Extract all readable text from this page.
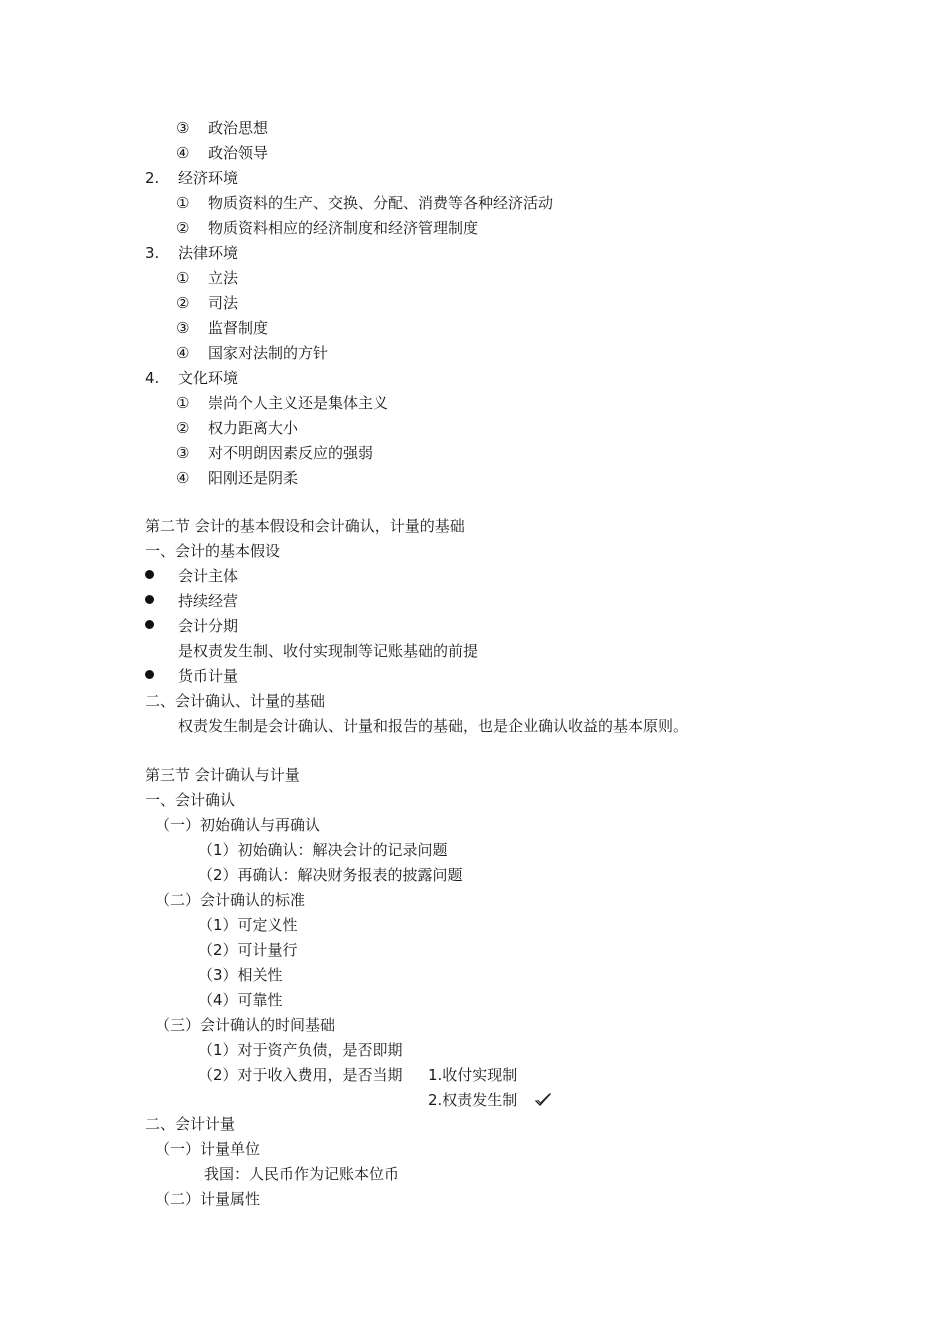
③ 政治思想
④ 政治领导
2. 经济环境
① 物质资料的生产、交换、分配、消费等各种经济活动
② 物质资料相应的经济制度和经济管理制度
3. 法律环境
① 立法
② 司法
③ 监督制度
④ 国家对法制的方针
4. 文化环境
① 崇尚个人主义还是集体主义
② 权力距离大小
③ 对不明朗因素反应的强弱
④ 阳刚还是阴柔
第二节 会计的基本假设和会计确认，计量的基础
一、会计的基本假设
会计主体
持续经营
会计分期
是权责发生制、收付实现制等记账基础的前提
货币计量
二、会计确认、计量的基础
权责发生制是会计确认、计量和报告的基础，也是企业确认收益的基本原则。
第三节 会计确认与计量
一、会计确认
（一）初始确认与再确认
（1）初始确认：解决会计的记录问题
（2）再确认：解决财务报表的披露问题
（二）会计确认的标准
（1）可定义性
（2）可计量行
（3）相关性
（4）可靠性
（三）会计确认的时间基础
（1）对于资产负债，是否即期
（2）对于收入费用，是否当期 1.收付实现制
2.权责发生制
二、会计计量
（一）计量单位
我国：人民币作为记账本位币
（二）计量属性
